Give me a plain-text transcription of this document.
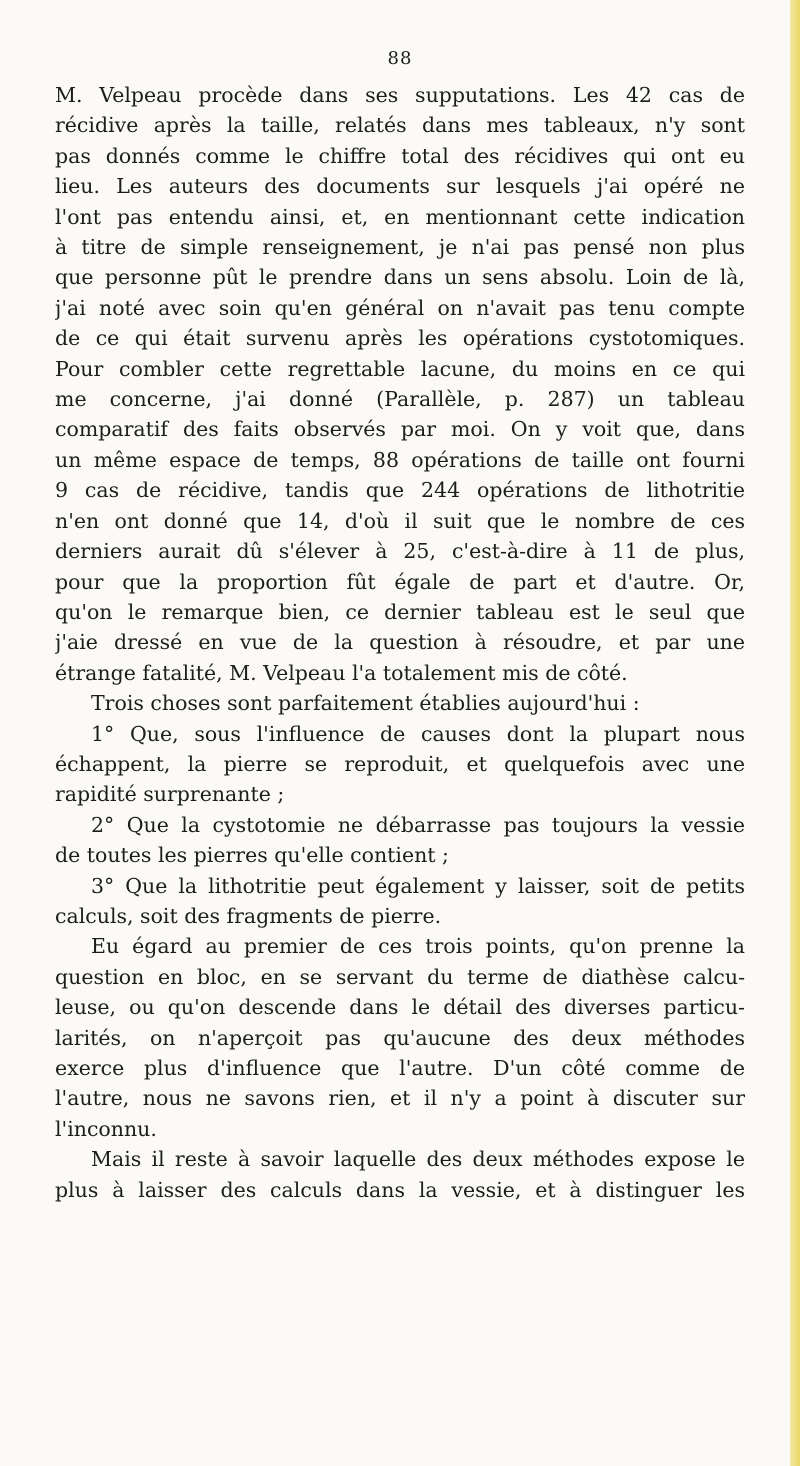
88
M. Velpeau procède dans ses supputations. Les 42 cas de
récidive après la taille, relatés dans mes tableaux, n'y sont
pas donnés comme le chiffre total des récidives qui ont eu
lieu. Les auteurs des documents sur lesquels j'ai opéré ne
l'ont pas entendu ainsi, et, en mentionnant cette indication
à titre de simple renseignement, je n'ai pas pensé non plus
que personne pût le prendre dans un sens absolu. Loin de là,
j'ai noté avec soin qu'en général on n'avait pas tenu compte
de ce qui était survenu après les opérations cystotomiques.
Pour combler cette regrettable lacune, du moins en ce qui
me concerne, j'ai donné (Parallèle, p. 287) un tableau
comparatif des faits observés par moi. On y voit que, dans
un même espace de temps, 88 opérations de taille ont fourni
9 cas de récidive, tandis que 244 opérations de lithotritie
n'en ont donné que 14, d'où il suit que le nombre de ces
derniers aurait dû s'élever à 25, c'est-à-dire à 11 de plus,
pour que la proportion fût égale de part et d'autre. Or,
qu'on le remarque bien, ce dernier tableau est le seul que
j'aie dressé en vue de la question à résoudre, et par une
étrange fatalité, M. Velpeau l'a totalement mis de côté.
Trois choses sont parfaitement établies aujourd'hui :
1° Que, sous l'influence de causes dont la plupart nous
échappent, la pierre se reproduit, et quelquefois avec une
rapidité surprenante ;
2° Que la cystotomie ne débarrasse pas toujours la vessie
de toutes les pierres qu'elle contient ;
3° Que la lithotritie peut également y laisser, soit de petits
calculs, soit des fragments de pierre.
Eu égard au premier de ces trois points, qu'on prenne la
question en bloc, en se servant du terme de diathèse calcu-
leuse, ou qu'on descende dans le détail des diverses particu-
larités, on n'aperçoit pas qu'aucune des deux méthodes
exerce plus d'influence que l'autre. D'un côté comme de
l'autre, nous ne savons rien, et il n'y a point à discuter sur
l'inconnu.
Mais il reste à savoir laquelle des deux méthodes expose le
plus à laisser des calculs dans la vessie, et à distinguer les
